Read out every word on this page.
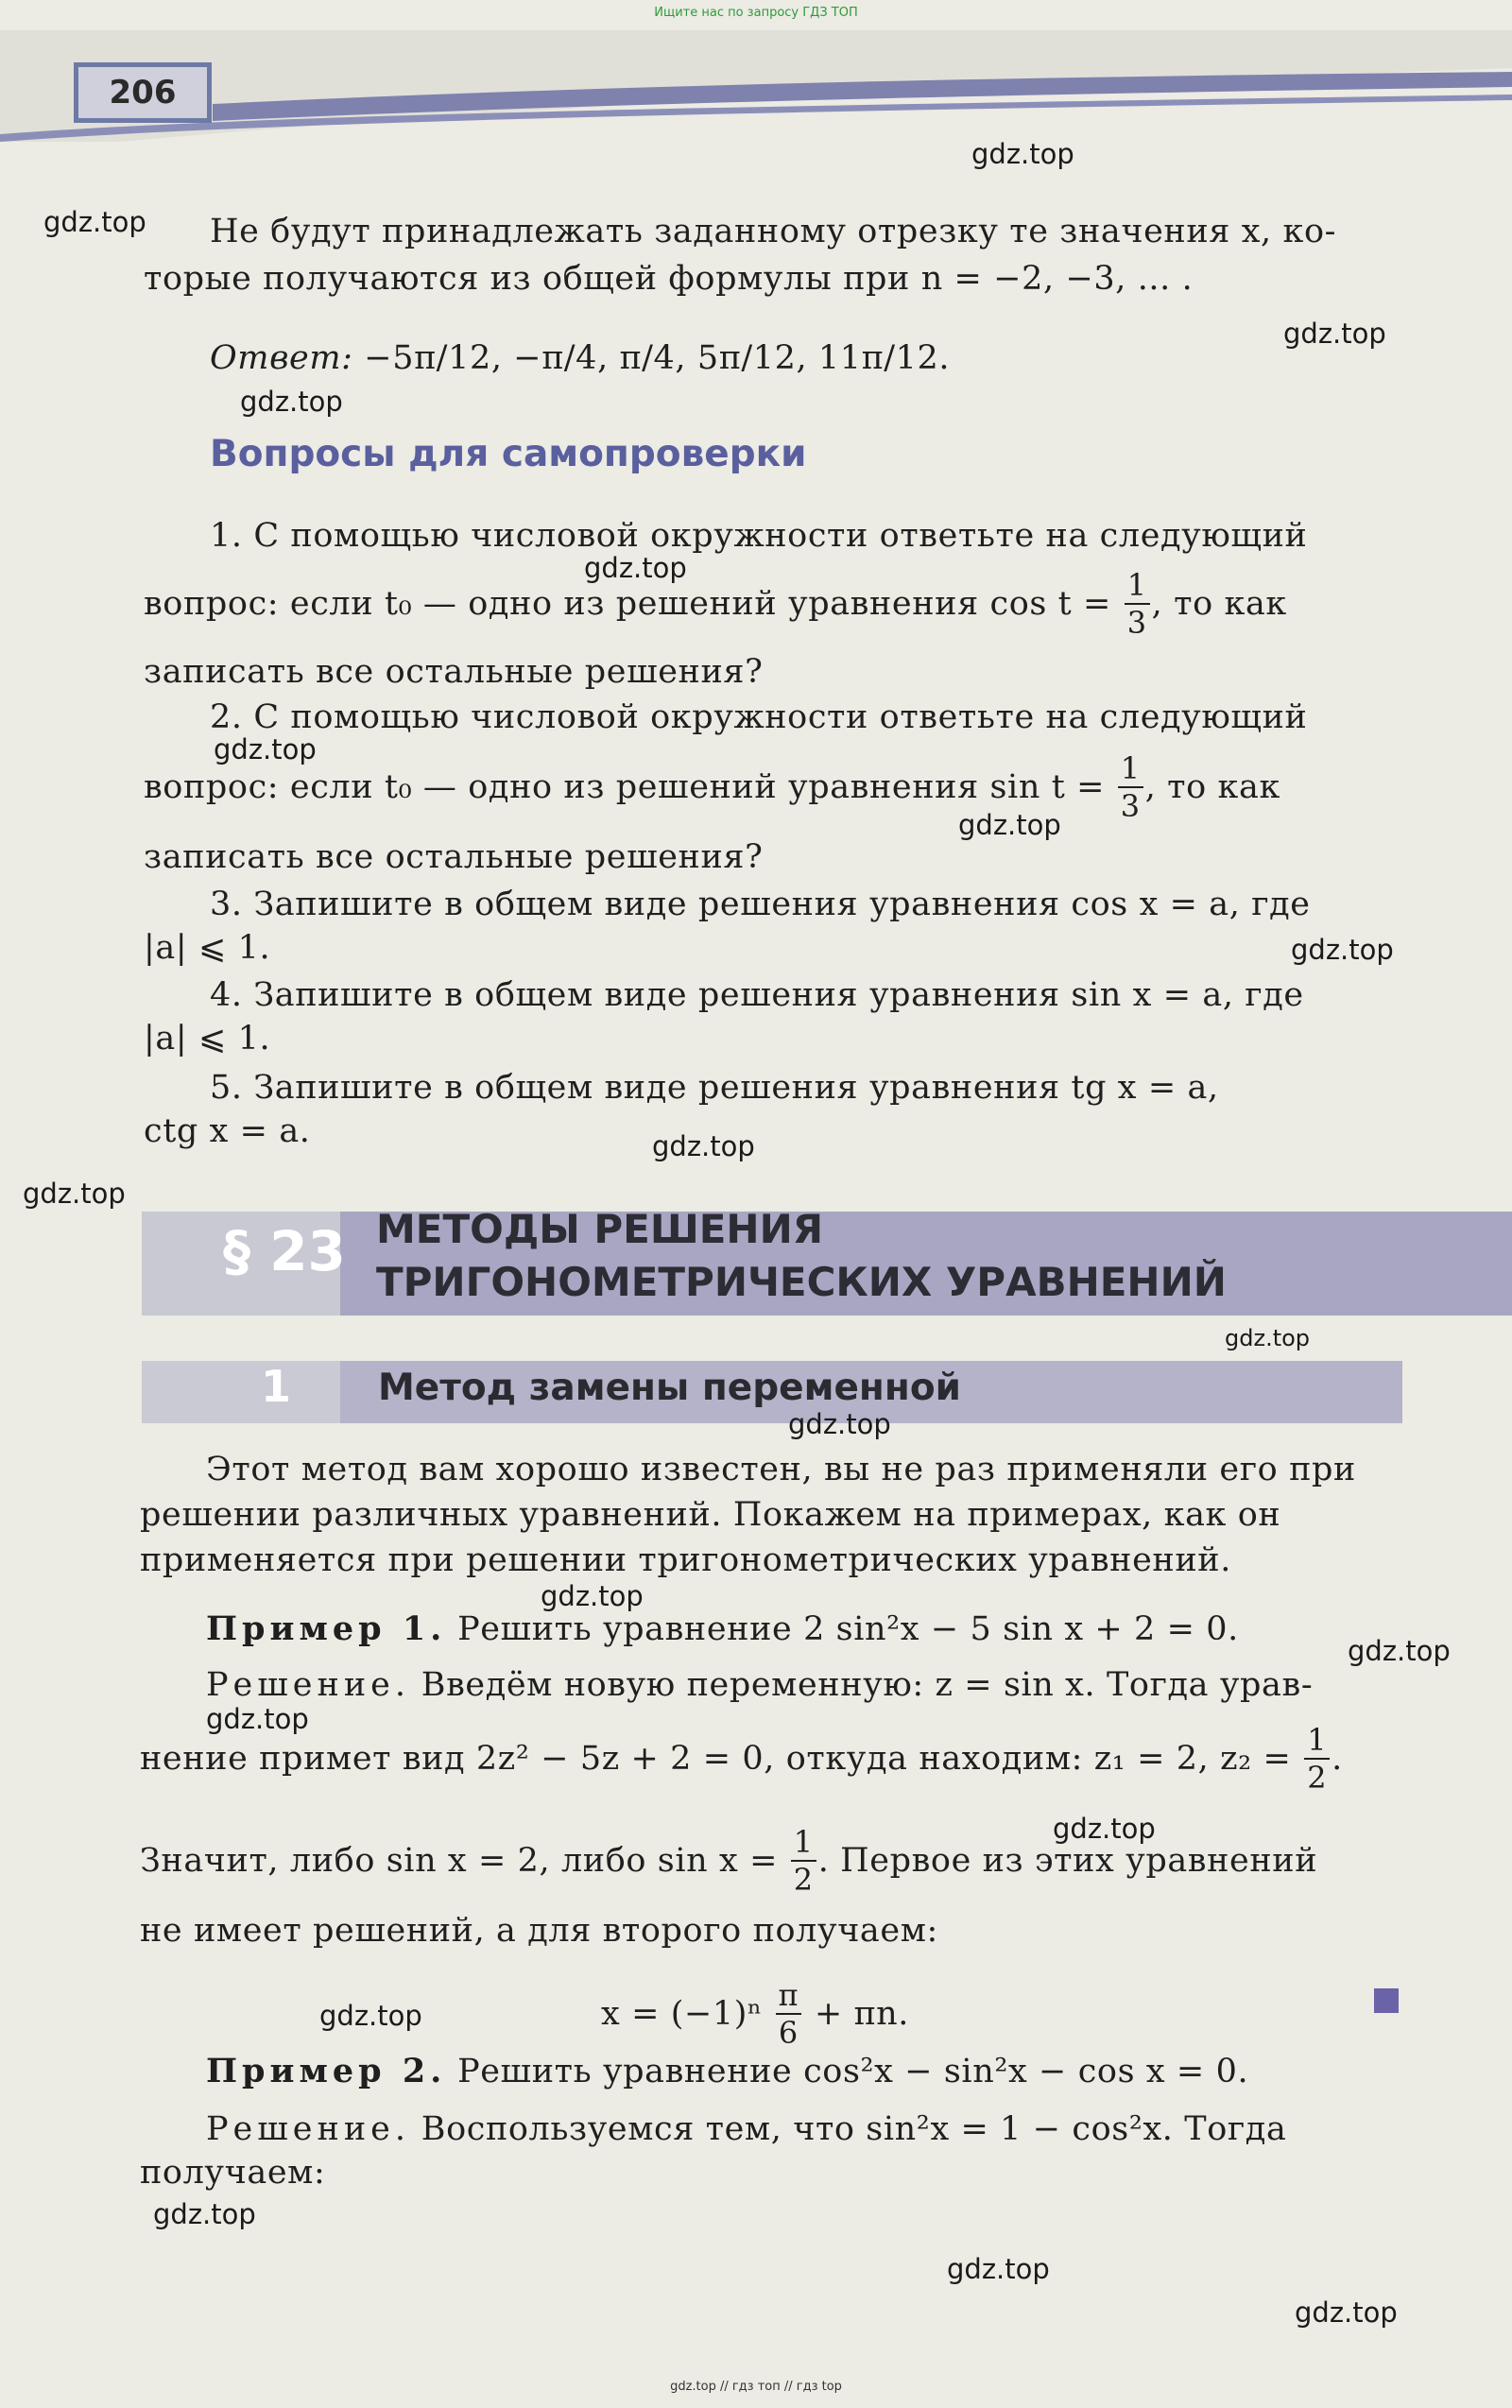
Ищите нас по запросу ГДЗ ТОП
206
Не будут принадлежать заданному отрезку те значения x, ко-
торые получаются из общей формулы при n = −2, −3, ... .
Ответ:
−5π/12 , −π/4 , π/4 , 5π/12 , 11π/12 .
Вопросы для самопроверки
1. С помощью числовой окружности ответьте на следующий
вопрос: если t₀ — одно из решений уравнения cos t =
$\frac{1}{3}$ , то как
записать все остальные решения?
2. С помощью числовой окружности ответьте на следующий
вопрос: если t₀ — одно из решений уравнения sin t =
$\frac{1}{3}$ , то как
записать все остальные решения?
3. Запишите в общем виде решения уравнения cos x = a, где
|a| ⩽ 1.
4. Запишите в общем виде решения уравнения sin x = a, где
|a| ⩽ 1.
5. Запишите в общем виде решения уравнения tg x = a,
ctg x = a.
§ 23 МЕТОДЫ РЕШЕНИЯ
ТРИГОНОМЕТРИЧЕСКИХ УРАВНЕНИЙ
1 Метод замены переменной
Этот метод вам хорошо известен, вы не раз применяли его при
решении различных уравнений. Покажем на примерах, как он
применяется при решении тригонометрических уравнений.
Пример 1. Решить уравнение 2 sin²x − 5 sin x + 2 = 0.
Решение. Введём новую переменную: z = sin x. Тогда урав-
нение примет вид 2z² − 5z + 2 = 0, откуда находим: z₁ = 2, z₂ =
$\frac{1}{2}$ .
Значит, либо sin x = 2, либо sin x =
$\frac{1}{2}$ . Первое из этих уравнений
не имеет решений, а для второго получаем:
x = (−1)ⁿ
$\frac{\pi}{6}$
+ πn.
Пример 2. Решить уравнение cos²x − sin²x − cos x = 0.
Решение. Воспользуемся тем, что sin²x = 1 − cos²x. Тогда
получаем:
gdz.top
gdz.top
gdz.top
gdz.top
gdz.top
gdz.top
gdz.top
gdz.top
gdz.top
gdz.top
gdz.top
gdz.top
gdz.top
gdz.top
gdz.top
gdz.top
gdz.top
gdz.top
gdz.top
gdz.top
gdz.top // гдз топ // гдз top
